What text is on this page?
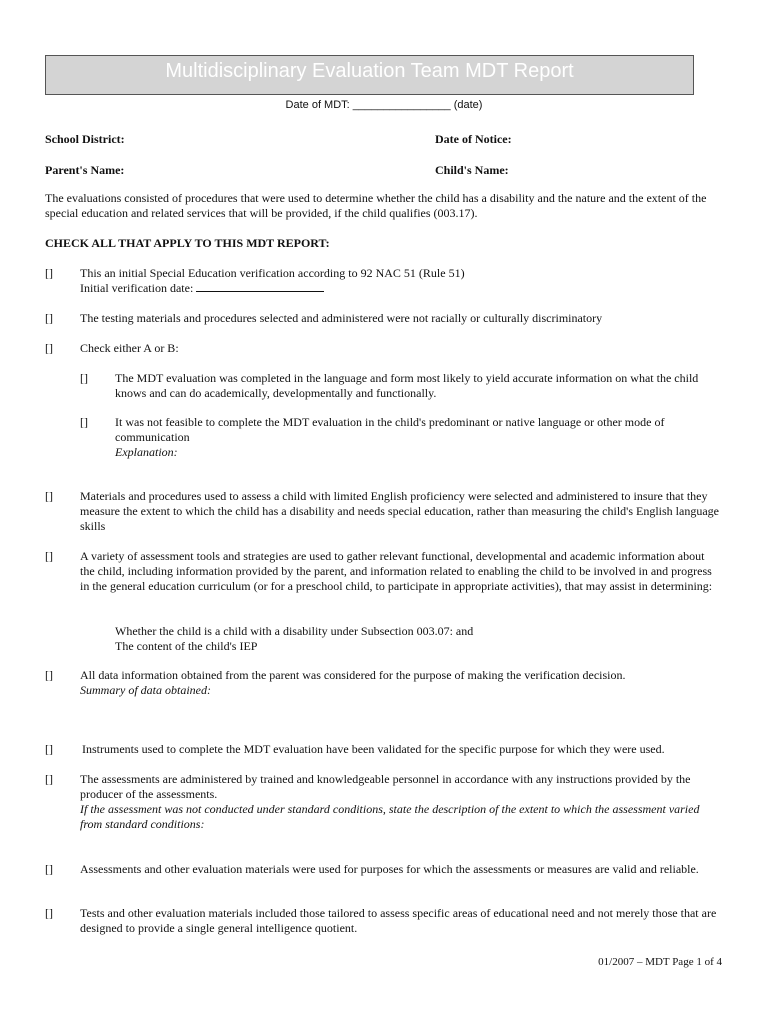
Multidisciplinary Evaluation Team MDT Report
Date of MDT: ________________ (date)
School District:	Date of Notice:
Parent's Name:	Child's Name:
The evaluations consisted of procedures that were used to determine whether the child has a disability and the nature and the extent of the special education and related services that will be provided, if the child qualifies (003.17).
CHECK ALL THAT APPLY TO THIS MDT REPORT:
[] This an initial Special Education verification according to 92 NAC 51 (Rule 51)
Initial verification date:
[] The testing materials and procedures selected and administered were not racially or culturally discriminatory
[] Check either A or B:
[] The MDT evaluation was completed in the language and form most likely to yield accurate information on what the child knows and can do academically, developmentally and functionally.
[] It was not feasible to complete the MDT evaluation in the child's predominant or native language or other mode of communication
Explanation:
[] Materials and procedures used to assess a child with limited English proficiency were selected and administered to insure that they measure the extent to which the child has a disability and needs special education, rather than measuring the child's English language skills
[] A variety of assessment tools and strategies are used to gather relevant functional, developmental and academic information about the child, including information provided by the parent, and information related to enabling the child to be involved in and progress in the general education curriculum (or for a preschool child, to participate in appropriate activities), that may assist in determining:
Whether the child is a child with a disability under Subsection 003.07: and
The content of the child's IEP
[] All data information obtained from the parent was considered for the purpose of making the verification decision.
Summary of data obtained:
[] Instruments used to complete the MDT evaluation have been validated for the specific purpose for which they were used.
[] The assessments are administered by trained and knowledgeable personnel in accordance with any instructions provided by the producer of the assessments.
If the assessment was not conducted under standard conditions, state the description of the extent to which the assessment varied from standard conditions:
[] Assessments and other evaluation materials were used for purposes for which the assessments or measures are valid and reliable.
[] Tests and other evaluation materials included those tailored to assess specific areas of educational need and not merely those that are designed to provide a single general intelligence quotient.
01/2007 – MDT Page 1 of 4
